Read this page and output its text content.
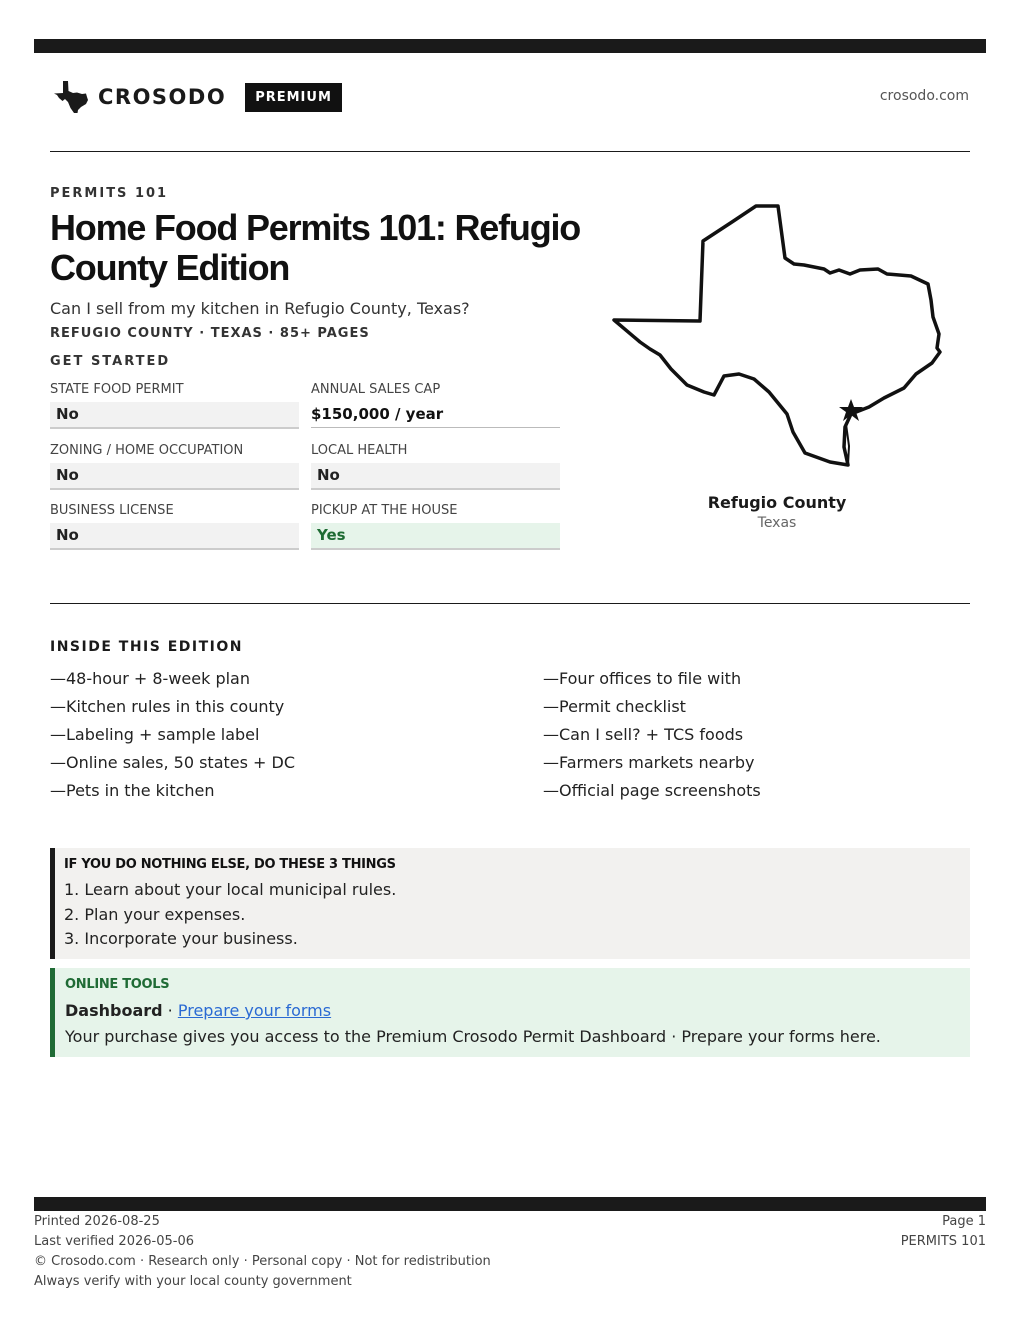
CROSODO	PREMIUM	crosodo.com
PERMITS 101
Home Food Permits 101: Refugio County Edition
Can I sell from my kitchen in Refugio County, Texas?
REFUGIO COUNTY · TEXAS · 85+ PAGES
GET STARTED
STATE FOOD PERMIT
No
ANNUAL SALES CAP
$150,000 / year
ZONING / HOME OCCUPATION
No
LOCAL HEALTH
No
BUSINESS LICENSE
No
PICKUP AT THE HOUSE
Yes
Refugio County
Texas
INSIDE THIS EDITION
—48-hour + 8-week plan
—Kitchen rules in this county
—Labeling + sample label
—Online sales, 50 states + DC
—Pets in the kitchen
—Four offices to file with
—Permit checklist
—Can I sell? + TCS foods
—Farmers markets nearby
—Official page screenshots
IF YOU DO NOTHING ELSE, DO THESE 3 THINGS
1. Learn about your local municipal rules.
2. Plan your expenses.
3. Incorporate your business.
ONLINE TOOLS
Dashboard · Prepare your forms
Your purchase gives you access to the Premium Crosodo Permit Dashboard · Prepare your forms here.
Printed 2026-08-25
Last verified 2026-05-06
© Crosodo.com · Research only · Personal copy · Not for redistribution
Always verify with your local county government
Page 1
PERMITS 101
